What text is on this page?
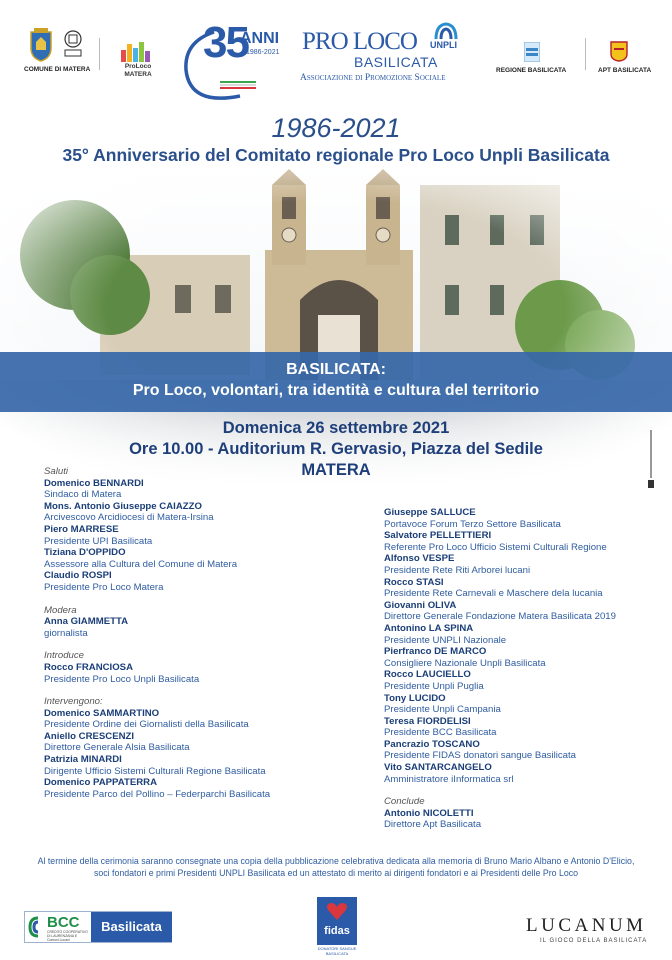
COMUNE DI MATERA	ProLoco MATERA
35
ANNI
1986-2021 PRO LOCO
BASILICATA
Associazione di Promozione Sociale
UNPLI
REGIONE BASILICATA	APT BASILICATA
1986-2021
35° Anniversario del Comitato regionale Pro Loco Unpli Basilicata
BASILICATA:
Pro Loco, volontari, tra identità e cultura del territorio
Domenica 26 settembre 2021
Ore 10.00 - Auditorium R. Gervasio, Piazza del Sedile
MATERA
Saluti
Domenico BENNARDI
Sindaco di Matera
Mons. Antonio Giuseppe CAIAZZO
Arcivescovo Arcidiocesi di Matera-Irsina
Piero MARRESE
Presidente UPI Basilicata
Tiziana D'OPPIDO
Assessore alla Cultura del Comune di Matera
Claudio ROSPI
Presidente Pro Loco Matera
Modera
Anna GIAMMETTA
giornalista
Introduce
Rocco FRANCIOSA
Presidente Pro Loco Unpli Basilicata
Intervengono:
Domenico SAMMARTINO
Presidente Ordine dei Giornalisti della Basilicata
Aniello CRESCENZI
Direttore Generale Alsia Basilicata
Patrizia MINARDI
Dirigente Ufficio Sistemi Culturali Regione Basilicata
Domenico PAPPATERRA
Presidente Parco del Pollino – Federparchi Basilicata
Giuseppe SALLUCE
Portavoce Forum Terzo Settore Basilicata
Salvatore PELLETTIERI
Referente Pro Loco Ufficio Sistemi Culturali Regione
Alfonso VESPE
Presidente Rete Riti Arborei lucani
Rocco STASI
Presidente Rete Carnevali e Maschere dela lucania
Giovanni OLIVA
Direttore Generale Fondazione Matera Basilicata 2019
Antonino LA SPINA
Presidente UNPLI Nazionale
Pierfranco DE MARCO
Consigliere Nazionale Unpli Basilicata
Rocco LAUCIELLO
Presidente Unpli Puglia
Tony LUCIDO
Presidente Unpli Campania
Teresa FIORDELISI
Presidente BCC Basilicata
Pancrazio TOSCANO
Presidente FIDAS donatori sangue Basilicata
Vito SANTARCANGELO
Amministratore iInformatica srl
Conclude
Antonio NICOLETTI
Direttore Apt Basilicata
Al termine della cerimonia saranno consegnate una copia della pubblicazione celebrativa dedicata alla memoria di Bruno Mario Albano e Antonio D'Elicio, soci fondatori e primi Presidenti UNPLI Basilicata ed un attestato di merito ai dirigenti fondatori e ai Presidenti delle Pro Loco
BCC
CREDITO COOPERATIVO DI LAURENZANA E Comuni Lucani
Basilicata	fidas
DONATORI SANGUE BASILICATA
LUCANUM
IL GIOCO DELLA BASILICATA
